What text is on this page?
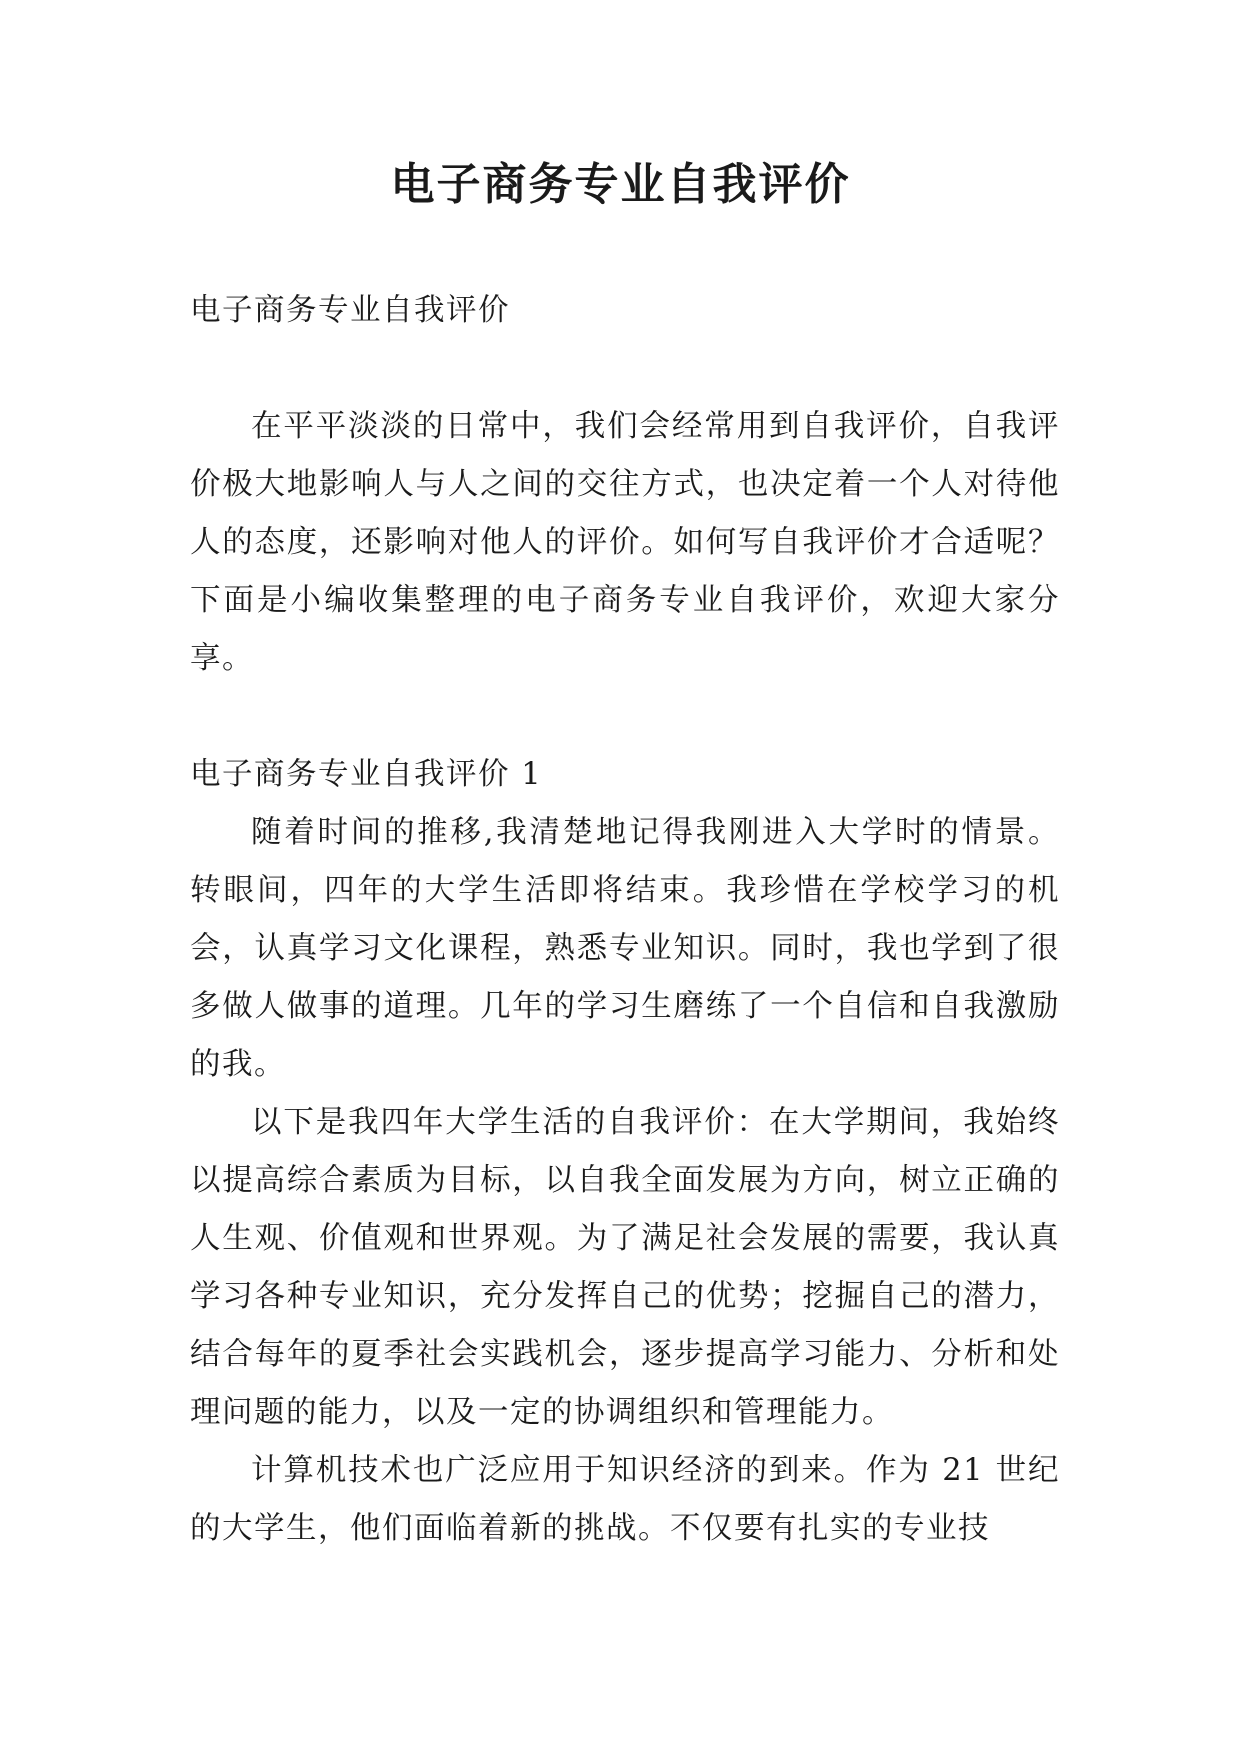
电子商务专业自我评价

电子商务专业自我评价

在平平淡淡的日常中，我们会经常用到自我评价，自我评价极大地影响人与人之间的交往方式，也决定着一个人对待他人的态度，还影响对他人的评价。如何写自我评价才合适呢？下面是小编收集整理的电子商务专业自我评价，欢迎大家分享。

电子商务专业自我评价 1

随着时间的推移,我清楚地记得我刚进入大学时的情景。转眼间，四年的大学生活即将结束。我珍惜在学校学习的机会，认真学习文化课程，熟悉专业知识。同时，我也学到了很多做人做事的道理。几年的学习生磨练了一个自信和自我激励的我。

以下是我四年大学生活的自我评价：在大学期间，我始终以提高综合素质为目标，以自我全面发展为方向，树立正确的人生观、价值观和世界观。为了满足社会发展的需要，我认真学习各种专业知识，充分发挥自己的优势；挖掘自己的潜力，结合每年的夏季社会实践机会，逐步提高学习能力、分析和处理问题的能力，以及一定的协调组织和管理能力。

计算机技术也广泛应用于知识经济的到来。作为 21 世纪的大学生，他们面临着新的挑战。不仅要有扎实的专业技
